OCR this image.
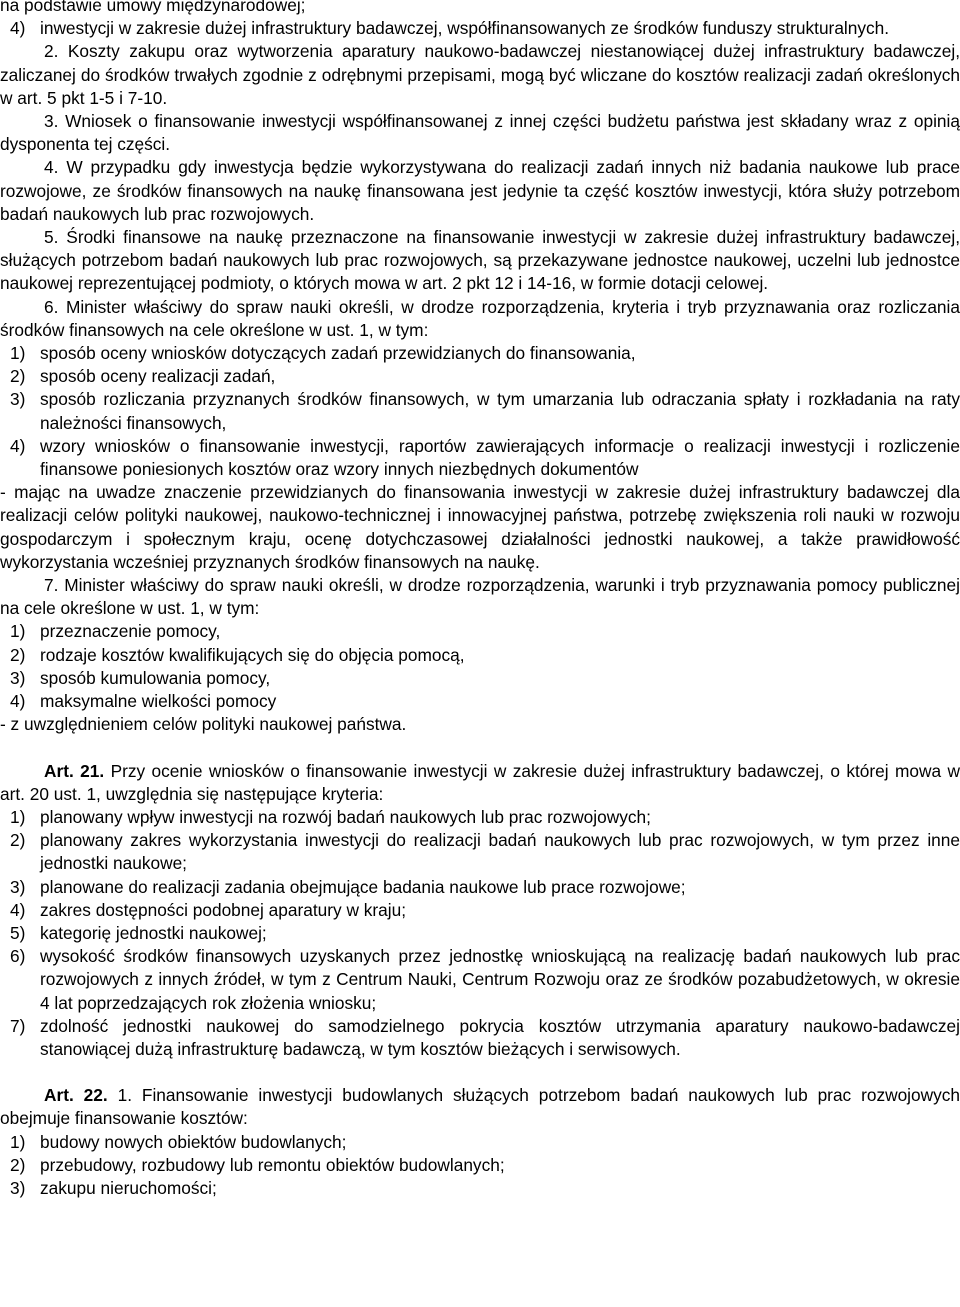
na podstawie umowy międzynarodowej;

4) inwestycji w zakresie dużej infrastruktury badawczej, współfinansowanych ze środków funduszy strukturalnych.

2. Koszty zakupu oraz wytworzenia aparatury naukowo-badawczej niestanowiącej dużej infrastruktury badawczej, zaliczanej do środków trwałych zgodnie z odrębnymi przepisami, mogą być wliczane do kosztów realizacji zadań określonych w art. 5 pkt 1-5 i 7-10.

3. Wniosek o finansowanie inwestycji współfinansowanej z innej części budżetu państwa jest składany wraz z opinią dysponenta tej części.

4. W przypadku gdy inwestycja będzie wykorzystywana do realizacji zadań innych niż badania naukowe lub prace rozwojowe, ze środków finansowych na naukę finansowana jest jedynie ta część kosztów inwestycji, która służy potrzebom badań naukowych lub prac rozwojowych.

5. Środki finansowe na naukę przeznaczone na finansowanie inwestycji w zakresie dużej infrastruktury badawczej, służących potrzebom badań naukowych lub prac rozwojowych, są przekazywane jednostce naukowej, uczelni lub jednostce naukowej reprezentującej podmioty, o których mowa w art. 2 pkt 12 i 14-16, w formie dotacji celowej.

6. Minister właściwy do spraw nauki określi, w drodze rozporządzenia, kryteria i tryb przyznawania oraz rozliczania środków finansowych na cele określone w ust. 1, w tym:

1) sposób oceny wniosków dotyczących zadań przewidzianych do finansowania,
2) sposób oceny realizacji zadań,
3) sposób rozliczania przyznanych środków finansowych, w tym umarzania lub odraczania spłaty i rozkładania na raty należności finansowych,
4) wzory wniosków o finansowanie inwestycji, raportów zawierających informacje o realizacji inwestycji i rozliczenie finansowe poniesionych kosztów oraz wzory innych niezbędnych dokumentów

- mając na uwadze znaczenie przewidzianych do finansowania inwestycji w zakresie dużej infrastruktury badawczej dla realizacji celów polityki naukowej, naukowo-technicznej i innowacyjnej państwa, potrzebę zwiększenia roli nauki w rozwoju gospodarczym i społecznym kraju, ocenę dotychczasowej działalności jednostki naukowej, a także prawidłowość wykorzystania wcześniej przyznanych środków finansowych na naukę.

7. Minister właściwy do spraw nauki określi, w drodze rozporządzenia, warunki i tryb przyznawania pomocy publicznej na cele określone w ust. 1, w tym:

1) przeznaczenie pomocy,
2) rodzaje kosztów kwalifikujących się do objęcia pomocą,
3) sposób kumulowania pomocy,
4) maksymalne wielkości pomocy

- z uwzględnieniem celów polityki naukowej państwa.

Art. 21. Przy ocenie wniosków o finansowanie inwestycji w zakresie dużej infrastruktury badawczej, o której mowa w art. 20 ust. 1, uwzględnia się następujące kryteria:

1) planowany wpływ inwestycji na rozwój badań naukowych lub prac rozwojowych;
2) planowany zakres wykorzystania inwestycji do realizacji badań naukowych lub prac rozwojowych, w tym przez inne jednostki naukowe;
3) planowane do realizacji zadania obejmujące badania naukowe lub prace rozwojowe;
4) zakres dostępności podobnej aparatury w kraju;
5) kategorię jednostki naukowej;
6) wysokość środków finansowych uzyskanych przez jednostkę wnioskującą na realizację badań naukowych lub prac rozwojowych z innych źródeł, w tym z Centrum Nauki, Centrum Rozwoju oraz ze środków pozabudżetowych, w okresie 4 lat poprzedzających rok złożenia wniosku;
7) zdolność jednostki naukowej do samodzielnego pokrycia kosztów utrzymania aparatury naukowo-badawczej stanowiącej dużą infrastrukturę badawczą, w tym kosztów bieżących i serwisowych.

Art. 22. 1. Finansowanie inwestycji budowlanych służących potrzebom badań naukowych lub prac rozwojowych obejmuje finansowanie kosztów:

1) budowy nowych obiektów budowlanych;
2) przebudowy, rozbudowy lub remontu obiektów budowlanych;
3) zakupu nieruchomości;
